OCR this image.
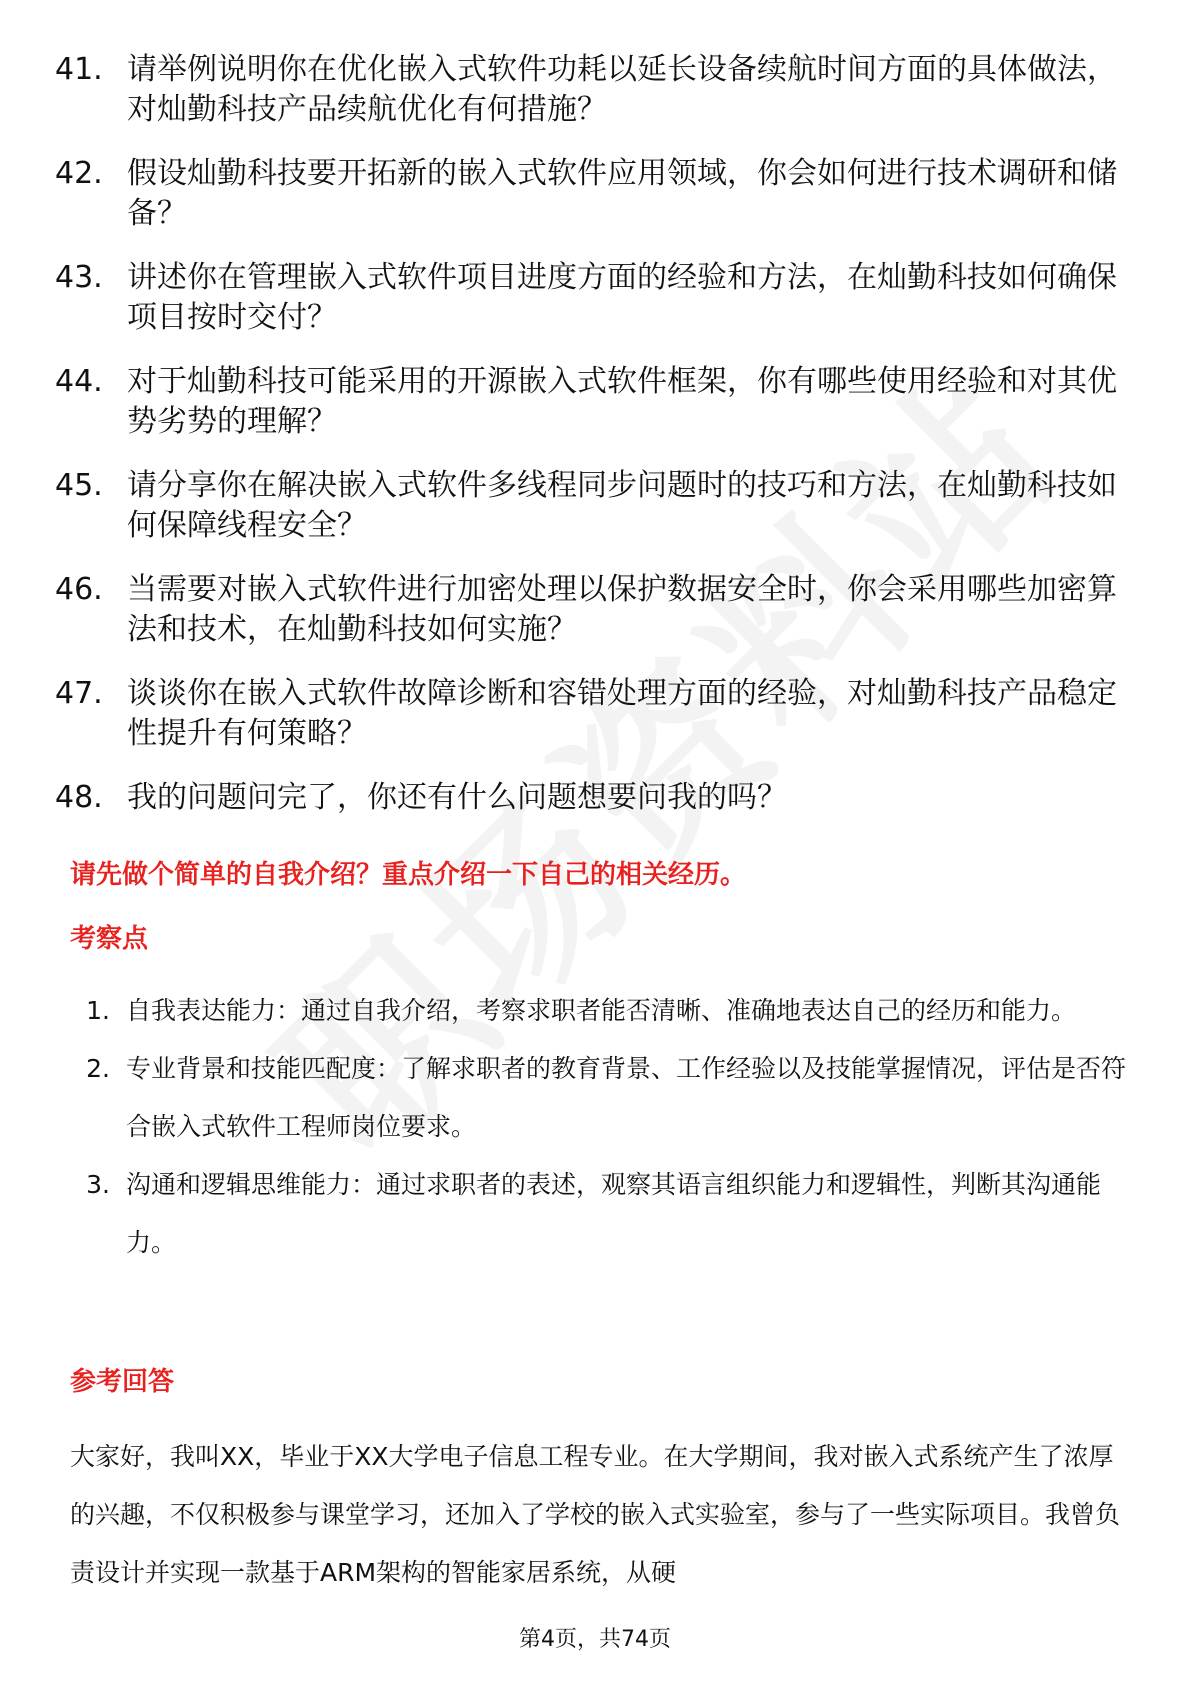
41. 请举例说明你在优化嵌入式软件功耗以延长设备续航时间方面的具体做法，对灿勤科技产品续航优化有何措施？
42. 假设灿勤科技要开拓新的嵌入式软件应用领域，你会如何进行技术调研和储备？
43. 讲述你在管理嵌入式软件项目进度方面的经验和方法，在灿勤科技如何确保项目按时交付？
44. 对于灿勤科技可能采用的开源嵌入式软件框架，你有哪些使用经验和对其优势劣势的理解？
45. 请分享你在解决嵌入式软件多线程同步问题时的技巧和方法，在灿勤科技如何保障线程安全？
46. 当需要对嵌入式软件进行加密处理以保护数据安全时，你会采用哪些加密算法和技术，在灿勤科技如何实施？
47. 谈谈你在嵌入式软件故障诊断和容错处理方面的经验，对灿勤科技产品稳定性提升有何策略？
48. 我的问题问完了，你还有什么问题想要问我的吗？
请先做个简单的自我介绍？重点介绍一下自己的相关经历。
考察点
1. 自我表达能力：通过自我介绍，考察求职者能否清晰、准确地表达自己的经历和能力。
2. 专业背景和技能匹配度：了解求职者的教育背景、工作经验以及技能掌握情况，评估是否符合嵌入式软件工程师岗位要求。
3. 沟通和逻辑思维能力：通过求职者的表述，观察其语言组织能力和逻辑性，判断其沟通能力。
参考回答

大家好，我叫XX，毕业于XX大学电子信息工程专业。在大学期间，我对嵌入式系统产生了浓厚的兴趣，不仅积极参与课堂学习，还加入了学校的嵌入式实验室，参与了一些实际项目。我曾负责设计并实现一款基于ARM架构的智能家居系统，从硬

第4页，共74页
